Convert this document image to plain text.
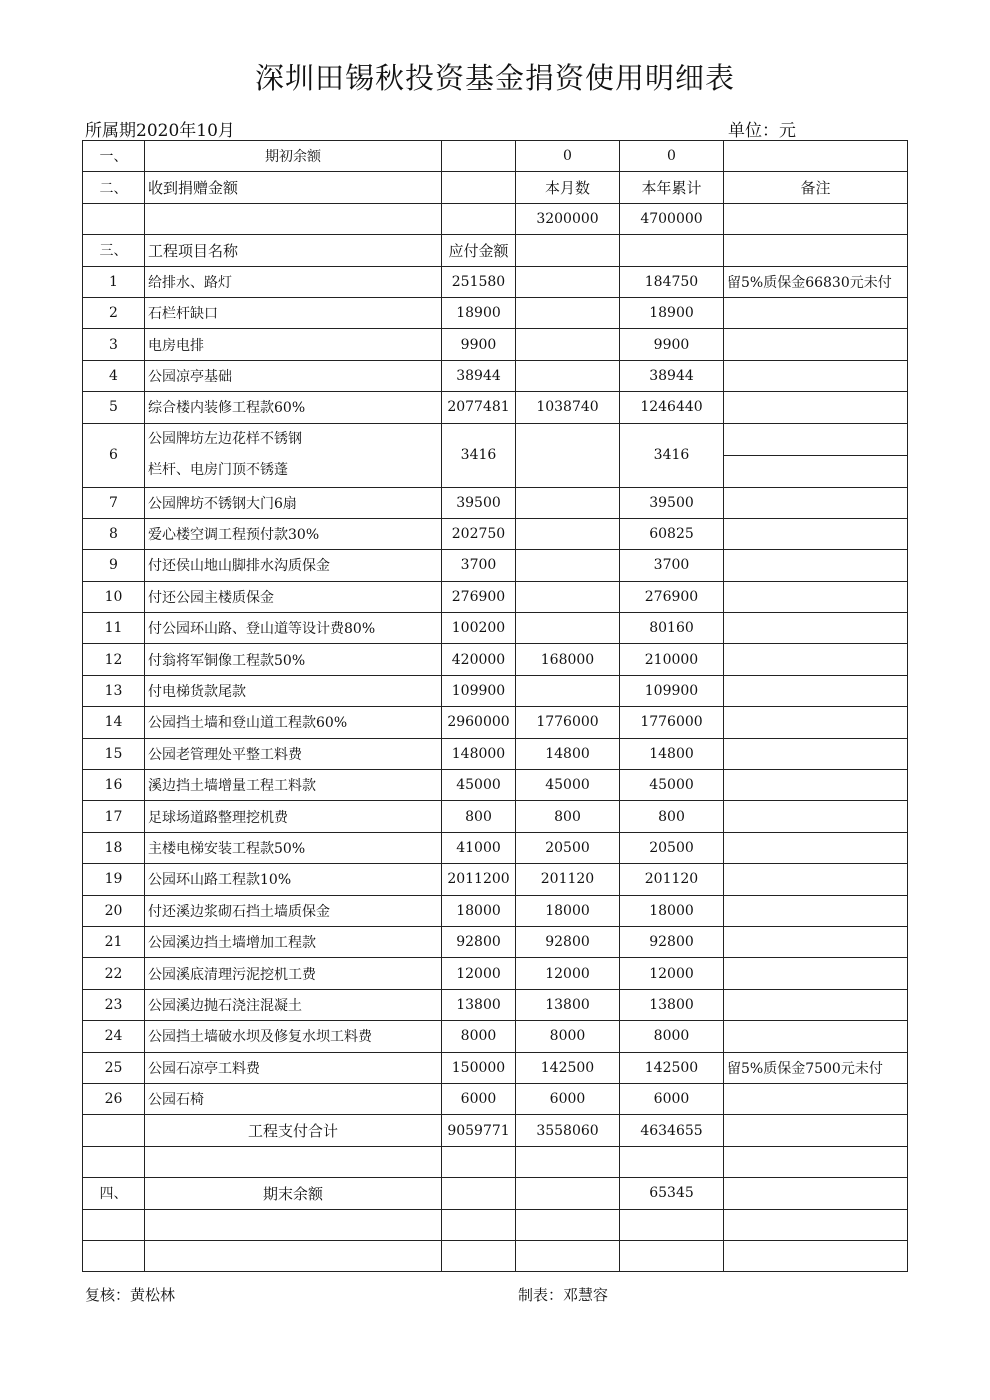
深圳田锡秋投资基金捐资使用明细表
所属期2020年10月	单位：元
一、	期初余额		0	0	
二、	收到捐赠金额		本月数	本年累计	备注
			3200000	4700000	
三、	工程项目名称	应付金额			
1	给排水、路灯	251580		184750	留5%质保金66830元未付
2	石栏杆缺口	18900		18900	
3	电房电排	9900		9900	
4	公园凉亭基础	38944		38944	
5	综合楼内装修工程款60%	2077481	1038740	1246440	
6	公园牌坊左边花样不锈钢
栏杆、电房门顶不锈蓬	3416		3416	

7	公园牌坊不锈钢大门6扇	39500		39500	
8	爱心楼空调工程预付款30%	202750		60825	
9	付还侯山地山脚排水沟质保金	3700		3700	
10	付还公园主楼质保金	276900		276900	
11	付公园环山路、登山道等设计费80%	100200		80160	
12	付翁将军铜像工程款50%	420000	168000	210000	
13	付电梯货款尾款	109900		109900	
14	公园挡土墙和登山道工程款60%	2960000	1776000	1776000	
15	公园老管理处平整工料费	148000	14800	14800	
16	溪边挡土墙增量工程工料款	45000	45000	45000	
17	足球场道路整理挖机费	800	800	800	
18	主楼电梯安装工程款50%	41000	20500	20500	
19	公园环山路工程款10%	2011200	201120	201120	
20	付还溪边浆砌石挡土墙质保金	18000	18000	18000	
21	公园溪边挡土墙增加工程款	92800	92800	92800	
22	公园溪底清理污泥挖机工费	12000	12000	12000	
23	公园溪边抛石浇注混凝土	13800	13800	13800	
24	公园挡土墙破水坝及修复水坝工料费	8000	8000	8000	
25	公园石凉亭工料费	150000	142500	142500	留5%质保金7500元未付
26	公园石椅	6000	6000	6000	
	工程支付合计	9059771	3558060	4634655	

四、	期末余额			65345	

复核：黄松林	制表：邓慧容
